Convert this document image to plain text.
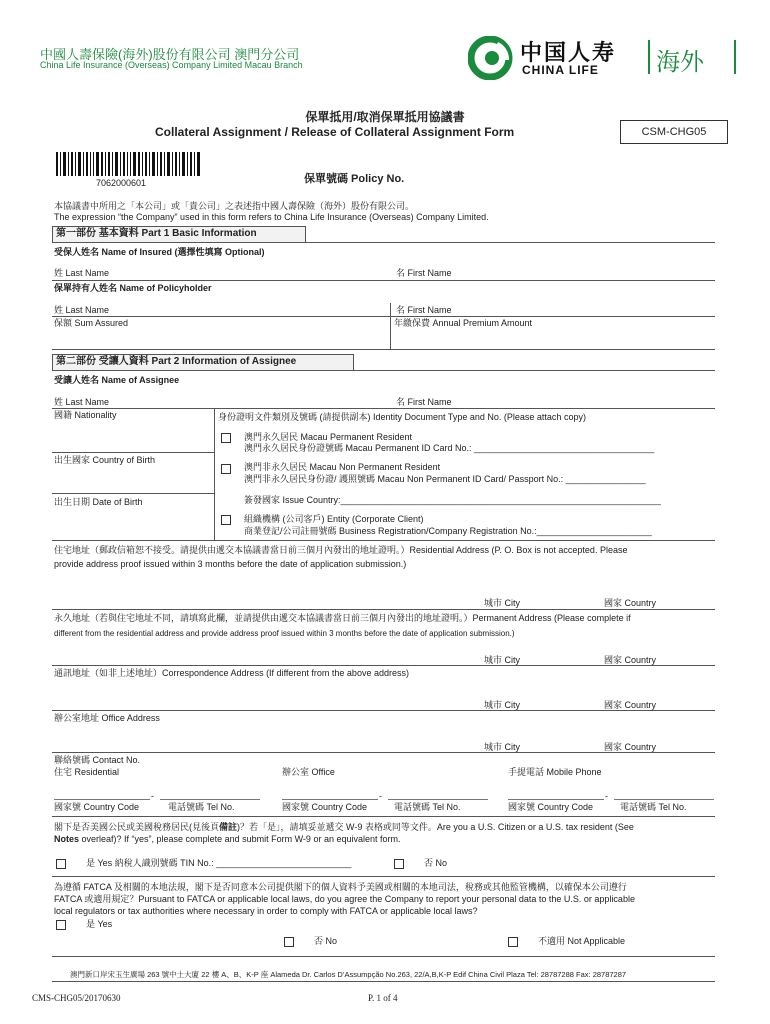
中國人壽保險(海外)股份有限公司 澳門分公司
China Life Insurance (Overseas) Company Limited Macau Branch	中国人寿
CHINA LIFE 海外
保單抵用/取消保單抵用協議書
Collateral Assignment / Release of Collateral Assignment Form	CSM-CHG05
7062000601	保單號碼 Policy No.
本協議書中所用之「本公司」或「貴公司」之表述指中國人壽保險（海外）股份有限公司。
The expression “the Company” used in this form refers to China Life Insurance (Overseas) Company Limited.
第一部份 基本資料 Part 1 Basic Information
受保人姓名 Name of Insured (選擇性填寫 Optional)
姓 Last Name	名 First Name
保單持有人姓名 Name of Policyholder
姓 Last Name	名 First Name
保額 Sum Assured	年繳保費 Annual Premium Amount
第二部份 受讓人資料 Part 2 Information of Assignee
受讓人姓名 Name of Assignee
姓 Last Name	名 First Name
國籍 Nationality	身份證明文件類別及號碼 (請提供副本) Identity Document Type and No. (Please attach copy)
澳門永久居民 Macau Permanent Resident
澳門永久居民身份證號碼 Macau Permanent ID Card No.: ____________________________________
出生國家 Country of Birth
澳門非永久居民 Macau Non Permanent Resident
澳門非永久居民身份證/ 護照號碼 Macau Non Permanent ID Card/ Passport No.: ________________
出生日期 Date of Birth	簽發國家 Issue Country:________________________________________________________________
組織機構 (公司客戶) Entity (Corporate Client)
商業登記/公司註冊號碼 Business Registration/Company Registration No.:_______________________
住宅地址（郵政信箱恕不接受。請提供由遞交本協議書當日前三個月內發出的地址證明。）Residential Address (P. O. Box is not accepted. Please
provide address proof issued within 3 months before the date of application submission.)
城市 City	國家 Country
永久地址（若與住宅地址不同，請填寫此欄，並請提供由遞交本協議書當日前三個月內發出的地址證明。）Permanent Address (Please complete if
different from the residential address and provide address proof issued within 3 months before the date of application submission.)
城市 City	國家 Country
通訊地址（如非上述地址）Correspondence Address (If different from the above address)
城市 City	國家 Country
辦公室地址 Office Address
城市 City	國家 Country
聯絡號碼 Contact No.
住宅 Residential	辦公室 Office	手提電話 Mobile Phone
-	-	-
國家號 Country Code	電話號碼 Tel No.	國家號 Country Code	電話號碼 Tel No.	國家號 Country Code	電話號碼 Tel No.
閣下是否美國公民或美國稅務居民(見後頁備註)？若「是」，請填妥並遞交 W-9 表格或同等文件。Are you a U.S. Citizen or a U.S. tax resident (See
Notes overleaf)? If “yes”, please complete and submit Form W-9 or an equivalent form.
是 Yes 納稅人識別號碼 TIN No.: ___________________________	否 No
為遵循 FATCA 及相關的本地法規，閣下是否同意本公司提供閣下的個人資料予美國或相關的本地司法，稅務或其他監管機構，以確保本公司遵行
FATCA 或適用規定？Pursuant to FATCA or applicable local laws, do you agree the Company to report your personal data to the U.S. or applicable
local regulators or tax authorities where necessary in order to comply with FATCA or applicable local laws?
是 Yes
否 No	不適用 Not Applicable
澳門新口岸宋玉生廣場 263 號中土大廈 22 樓 A、B、K-P 座 Alameda Dr. Carlos D’Assumpção No.263, 22/A,B,K-P Edif China Civil Plaza Tel: 28787288 Fax: 28787287
CMS-CHG05/20170630	P. 1 of 4
